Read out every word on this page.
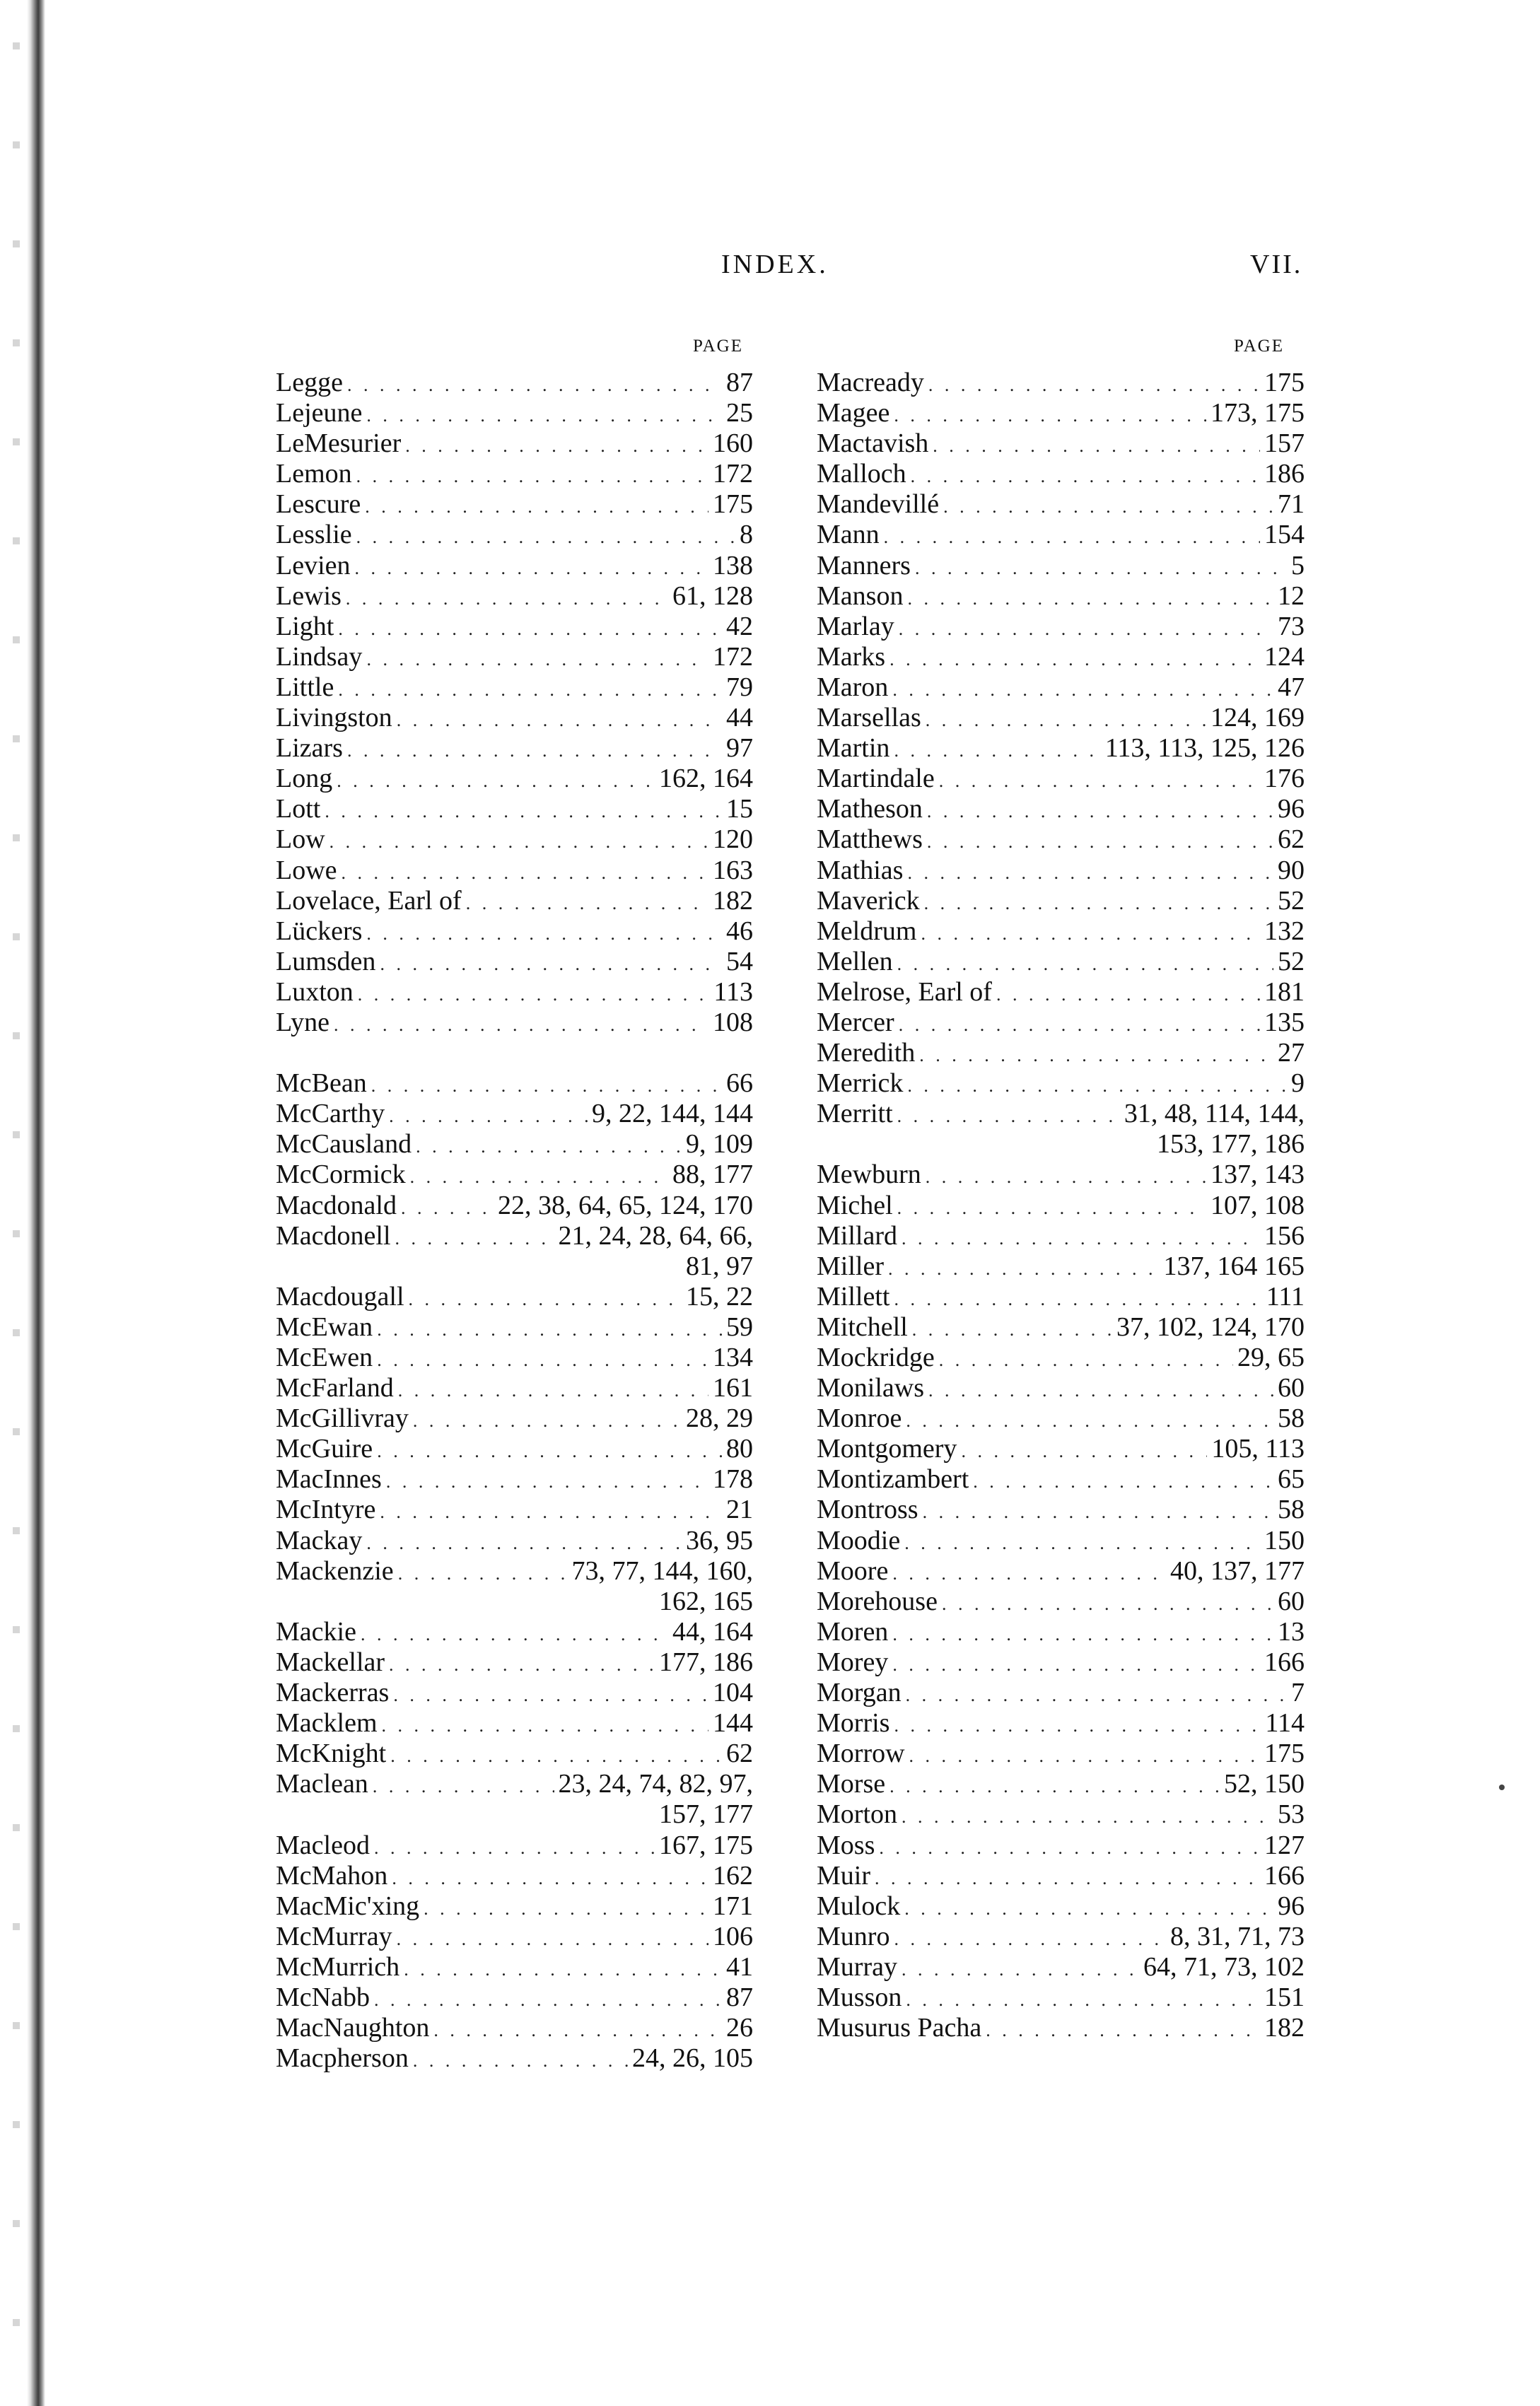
INDEX.	VII.
PAGE	PAGE
Legge . . .	87
Lejeune . . .	25
LeMesurier . . .	160
Lemon . . .	172
Lescure . . .	175
Lesslie . . .	8
Levien . . .	138
Lewis . . .	61, 128
Light . . .	42
Lindsay . . .	172
Little . . .	79
Livingston . . .	44
Lizars . . .	97
Long . . .	162, 164
Lott . . .	15
Low . . .	120
Lowe . . .	163
Lovelace, Earl of . . .	182
Lückers . . .	46
Lumsden . . .	54
Luxton . . .	113
Lyne . . .	108
McBean . . .	66
McCarthy . . .	9, 22, 144, 144
McCausland . . .	9, 109
McCormick . . .	88, 177
Macdonald . . .	22, 38, 64, 65, 124, 170
Macdonell . . .	21, 24, 28, 64, 66,
81, 97
Macdougall . . .	15, 22
McEwan . . .	59
McEwen . . .	134
McFarland . . .	161
McGillivray . . .	28, 29
McGuire . . .	80
MacInnes . . .	178
McIntyre . . .	21
Mackay . . .	36, 95
Mackenzie . . .	73, 77, 144, 160,
162, 165
Mackie . . .	44, 164
Mackellar . . .	177, 186
Mackerras . . .	104
Macklem . . .	144
McKnight . . .	62
Maclean . . .	23, 24, 74, 82, 97,
157, 177
Macleod . . .	167, 175
McMahon . . .	162
MacMic'xing . . .	171
McMurray . . .	106
McMurrich . . .	41
McNabb . . .	87
MacNaughton . . .	26
Macpherson . . .	24, 26, 105
Macready . . .	175
Magee . . .	173, 175
Mactavish . . .	157
Malloch . . .	186
Mandevillé . . .	71
Mann . . .	154
Manners . . .	5
Manson . . .	12
Marlay . . .	73
Marks . . .	124
Maron . . .	47
Marsellas . . .	124, 169
Martin . . .	113, 113, 125, 126
Martindale . . .	176
Matheson . . .	96
Matthews . . .	62
Mathias . . .	90
Maverick . . .	52
Meldrum . . .	132
Mellen . . .	52
Melrose, Earl of . . .	181
Mercer . . .	135
Meredith . . .	27
Merrick . . .	9
Merritt . . .	31, 48, 114, 144,
153, 177, 186
Mewburn . . .	137, 143
Michel . . .	107, 108
Millard . . .	156
Miller . . .	137, 164 165
Millett . . .	111
Mitchell . . .	37, 102, 124, 170
Mockridge . . .	29, 65
Monilaws . . .	60
Monroe . . .	58
Montgomery . . .	105, 113
Montizambert . . .	65
Montross . . .	58
Moodie . . .	150
Moore . . .	40, 137, 177
Morehouse . . .	60
Moren . . .	13
Morey . . .	166
Morgan . . .	7
Morris . . .	114
Morrow . . .	175
Morse . . .	52, 150
Morton . . .	53
Moss . . .	127
Muir . . .	166
Mulock . . .	96
Munro . . .	8, 31, 71, 73
Murray . . .	64, 71, 73, 102
Musson . . .	151
Musurus Pacha . . .	182
